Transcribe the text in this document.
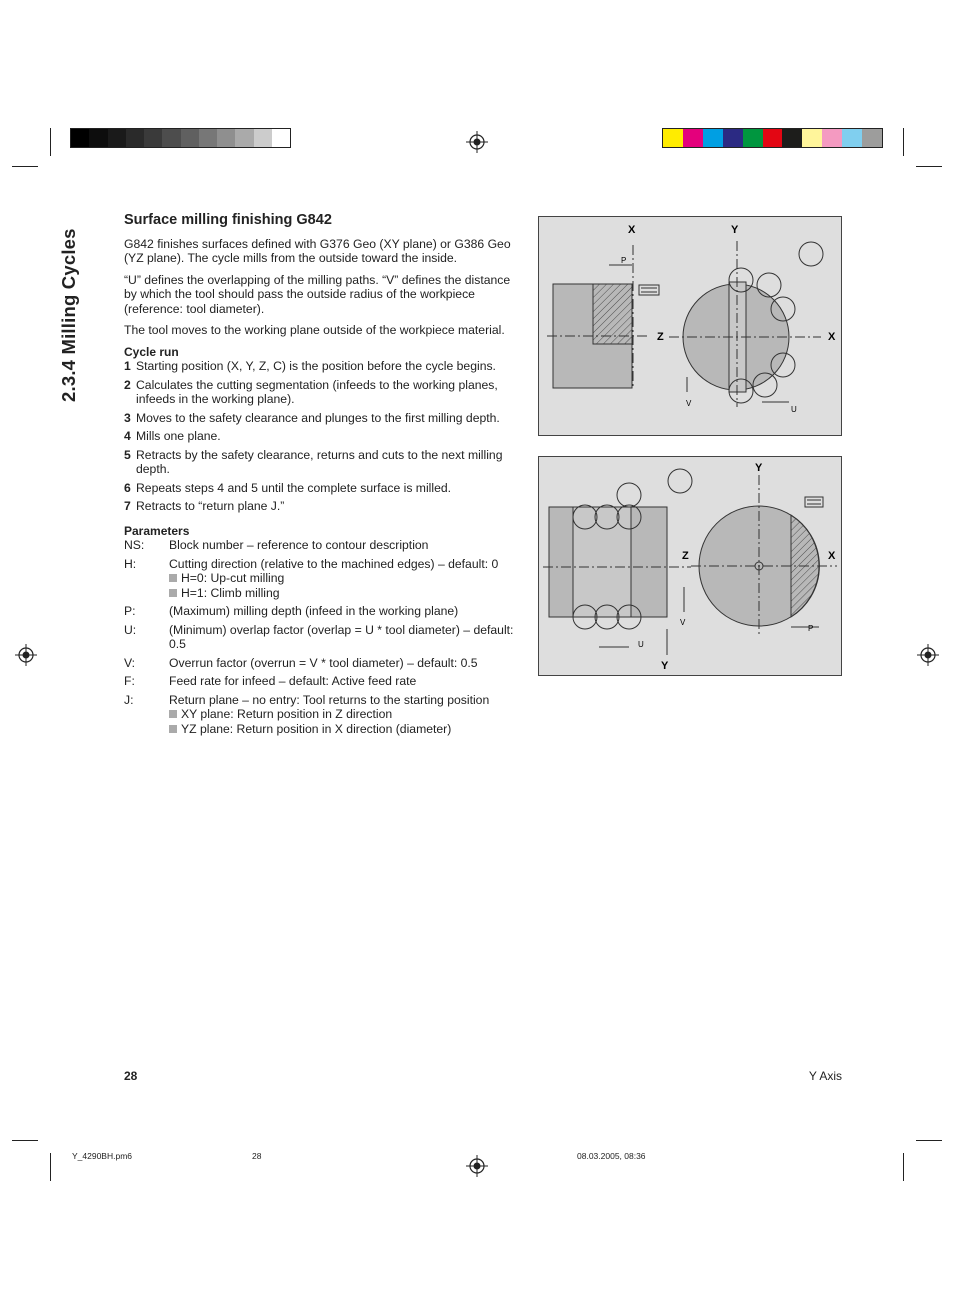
2.3.4 Milling Cycles
Surface milling finishing G842

G842 finishes surfaces defined with G376 Geo (XY plane) or G386 Geo (YZ plane). The cycle mills from the outside toward the inside.

“U” defines the overlapping of the milling paths. “V” defines the distance by which the tool should pass the outside radius of the workpiece (reference: tool diameter).

The tool moves to the working plane outside of the workpiece material.

Cycle run
1 Starting position (X, Y, Z, C) is the position before the cycle begins.
2 Calculates the cutting segmentation (infeeds to the working planes, infeeds in the working plane).
3 Moves to the safety clearance and plunges to the first milling depth.
4 Mills one plane.
5 Retracts by the safety clearance, returns and cuts to the next milling depth.
6 Repeats steps 4 and 5 until the complete surface is milled.
7 Retracts to “return plane J.”
Parameters
NS:	Block number – reference to contour description
H:	Cutting direction (relative to the machined edges) – default: 0
H=0: Up-cut milling
H=1: Climb milling
P:	(Maximum) milling depth (infeed in the working plane)
U:	(Minimum) overlap factor (overlap = U * tool diameter) – default: 0.5
V:	Overrun factor (overrun = V * tool diameter) – default: 0.5
F:	Feed rate for infeed – default: Active feed rate
J:	Return plane – no entry: Tool returns to the starting position
XY plane: Return position in Z direction
YZ plane: Return position in X direction (diameter)
X
Z
P
Y
X
V
U
Z
V
U
Y
Y
X
P
28	Y Axis
Y_4290BH.pm6	28	08.03.2005, 08:36
